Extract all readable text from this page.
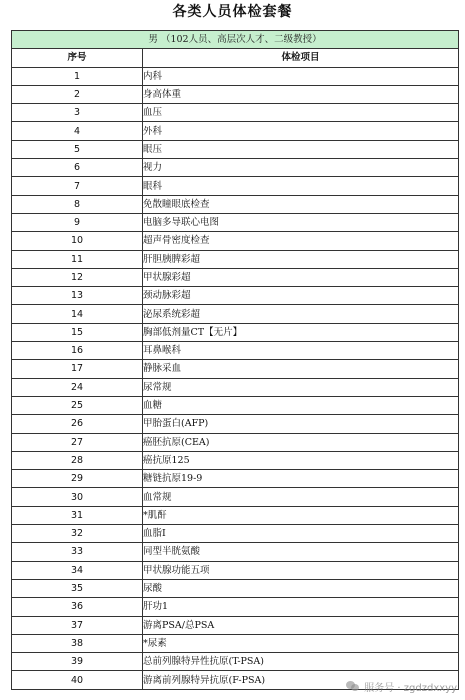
各类人员体检套餐
男 （102人员、高层次人才、二级教授）	
序号	体检项目
1	内科
2	身高体重
3	血压
4	外科
5	眼压
6	视力
7	眼科
8	免散瞳眼底检查
9	电脑多导联心电图
10	超声骨密度检查
11	肝胆胰脾彩超
12	甲状腺彩超
13	颈动脉彩超
14	泌尿系统彩超
15	胸部低剂量CT【无片】
16	耳鼻喉科
17	静脉采血
24	尿常规
25	血糖
26	甲胎蛋白(AFP)
27	癌胚抗原(CEA)
28	癌抗原125
29	糖链抗原19-9
30	血常规
31	*肌酐
32	血脂I
33	同型半胱氨酸
34	甲状腺功能五项
35	尿酸
36	肝功1
37	游离PSA/总PSA
38	*尿素
39	总前列腺特异性抗原(T-PSA)
40	游离前列腺特异抗原(F-PSA)
服务号 · zgdzdxxyy
